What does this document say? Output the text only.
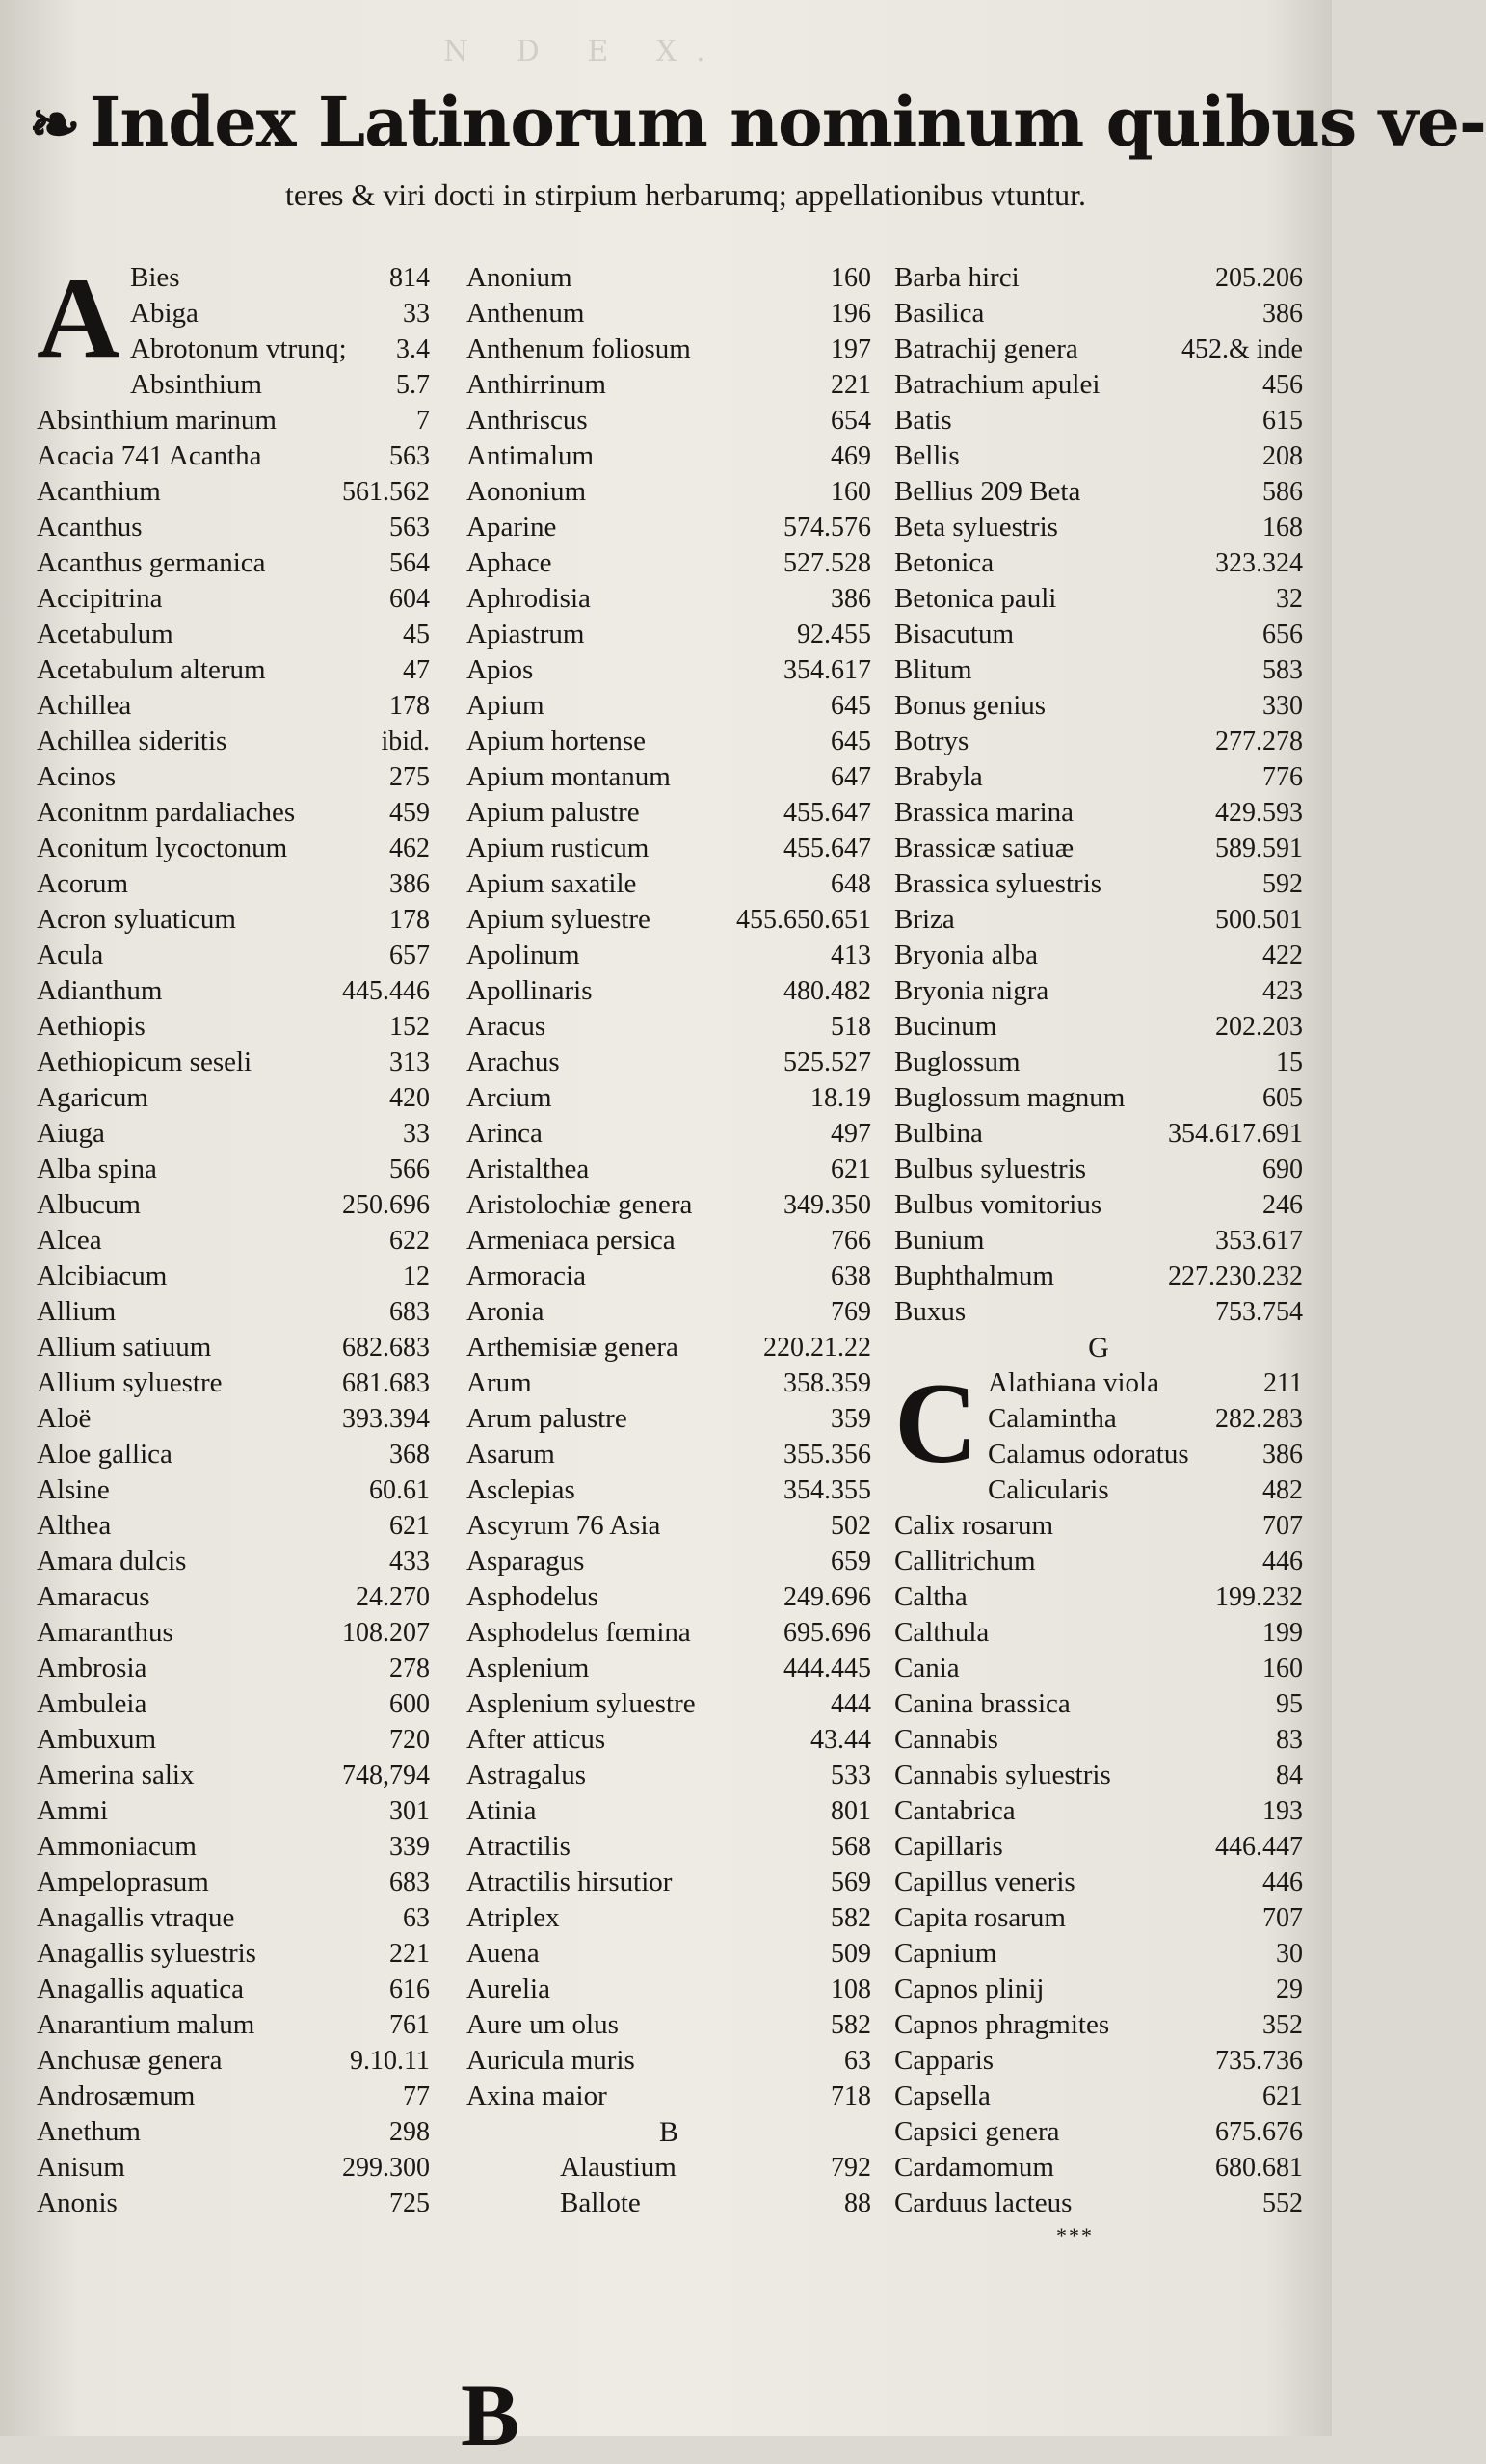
N D E X.
❧ Index Latinorum nominum quibus ve-
teres & viri docti in stirpium herbarumq; appellationibus vtuntur.
A Bies	814
Abiga	33
Abrotonum vtrunq; 3.4
Absinthium	5.7
Absinthium marinum	7
Acacia 741 Acantha	563
Acanthium	561.562
Acanthus	563
Acanthus germanica	564
Accipitrina	604
Acetabulum	45
Acetabulum alterum	47
Achillea	178
Achillea sideritis	ibid.
Acinos	275
Aconitnm pardaliaches	459
Aconitum lycoctonum	462
Acorum	386
Acron syluaticum	178
Acula	657
Adianthum	445.446
Aethiopis	152
Aethiopicum seseli	313
Agaricum	420
Aiuga	33
Alba spina	566
Albucum	250.696
Alcea	622
Alcibiacum	12
Allium	683
Allium satiuum	682.683
Allium syluestre	681.683
Aloë	393.394
Aloe gallica	368
Alsine	60.61
Althea	621
Amara dulcis	433
Amaracus	24.270
Amaranthus	108.207
Ambrosia	278
Ambuleia	600
Ambuxum	720
Amerina salix	748,794
Ammi	301
Ammoniacum	339
Ampeloprasum	683
Anagallis vtraque	63
Anagallis syluestris	221
Anagallis aquatica	616
Anarantium malum	761
Anchusæ genera	9.10.11
Androsæmum	77
Anethum	298
Anisum	299.300
Anonis	725
B
Anonium	160
Anthenum	196
Anthenum foliosum	197
Anthirrinum	221
Anthriscus	654
Antimalum	469
Aononium	160
Aparine	574.576
Aphace	527.528
Aphrodisia	386
Apiastrum	92.455
Apios	354.617
Apium	645
Apium hortense	645
Apium montanum	647
Apium palustre	455.647
Apium rusticum	455.647
Apium saxatile	648
Apium syluestre	455.650.651
Apolinum	413
Apollinaris	480.482
Aracus	518
Arachus	525.527
Arcium	18.19
Arinca	497
Aristalthea	621
Aristolochiæ genera	349.350
Armeniaca persica	766
Armoracia	638
Aronia	769
Arthemisiæ genera	220.21.22
Arum	358.359
Arum palustre	359
Asarum	355.356
Asclepias	354.355
Ascyrum 76 Asia	502
Asparagus	659
Asphodelus	249.696
Asphodelus fœmina	695.696
Asplenium	444.445
Asplenium syluestre	444
After atticus	43.44
Astragalus	533
Atinia	801
Atractilis	568
Atractilis hirsutior	569
Atriplex	582
Auena	509
Aurelia	108
Aure um olus	582
Auricula muris	63
Axina maior	718
B
Alaustium	792
Ballote	88
C
Barba hirci	205.206
Basilica	386
Batrachij genera	452.& inde
Batrachium apulei	456
Batis	615
Bellis	208
Bellius 209 Beta	586
Beta syluestris	168
Betonica	323.324
Betonica pauli	32
Bisacutum	656
Blitum	583
Bonus genius	330
Botrys	277.278
Brabyla	776
Brassica marina	429.593
Brassicæ satiuæ	589.591
Brassica syluestris	592
Briza	500.501
Bryonia alba	422
Bryonia nigra	423
Bucinum	202.203
Buglossum	15
Buglossum magnum	605
Bulbina	354.617.691
Bulbus syluestris	690
Bulbus vomitorius	246
Bunium	353.617
Buphthalmum	227.230.232
Buxus	753.754
G
Alathiana viola	211
Calamintha	282.283
Calamus odoratus	386
Calicularis	482
Calix rosarum	707
Callitrichum	446
Caltha	199.232
Calthula	199
Cania	160
Canina brassica	95
Cannabis	83
Cannabis syluestris	84
Cantabrica	193
Capillaris	446.447
Capillus veneris	446
Capita rosarum	707
Capnium	30
Capnos plinij	29
Capnos phragmites	352
Capparis	735.736
Capsella	621
Capsici genera	675.676
Cardamomum	680.681
Carduus lacteus	552
***
